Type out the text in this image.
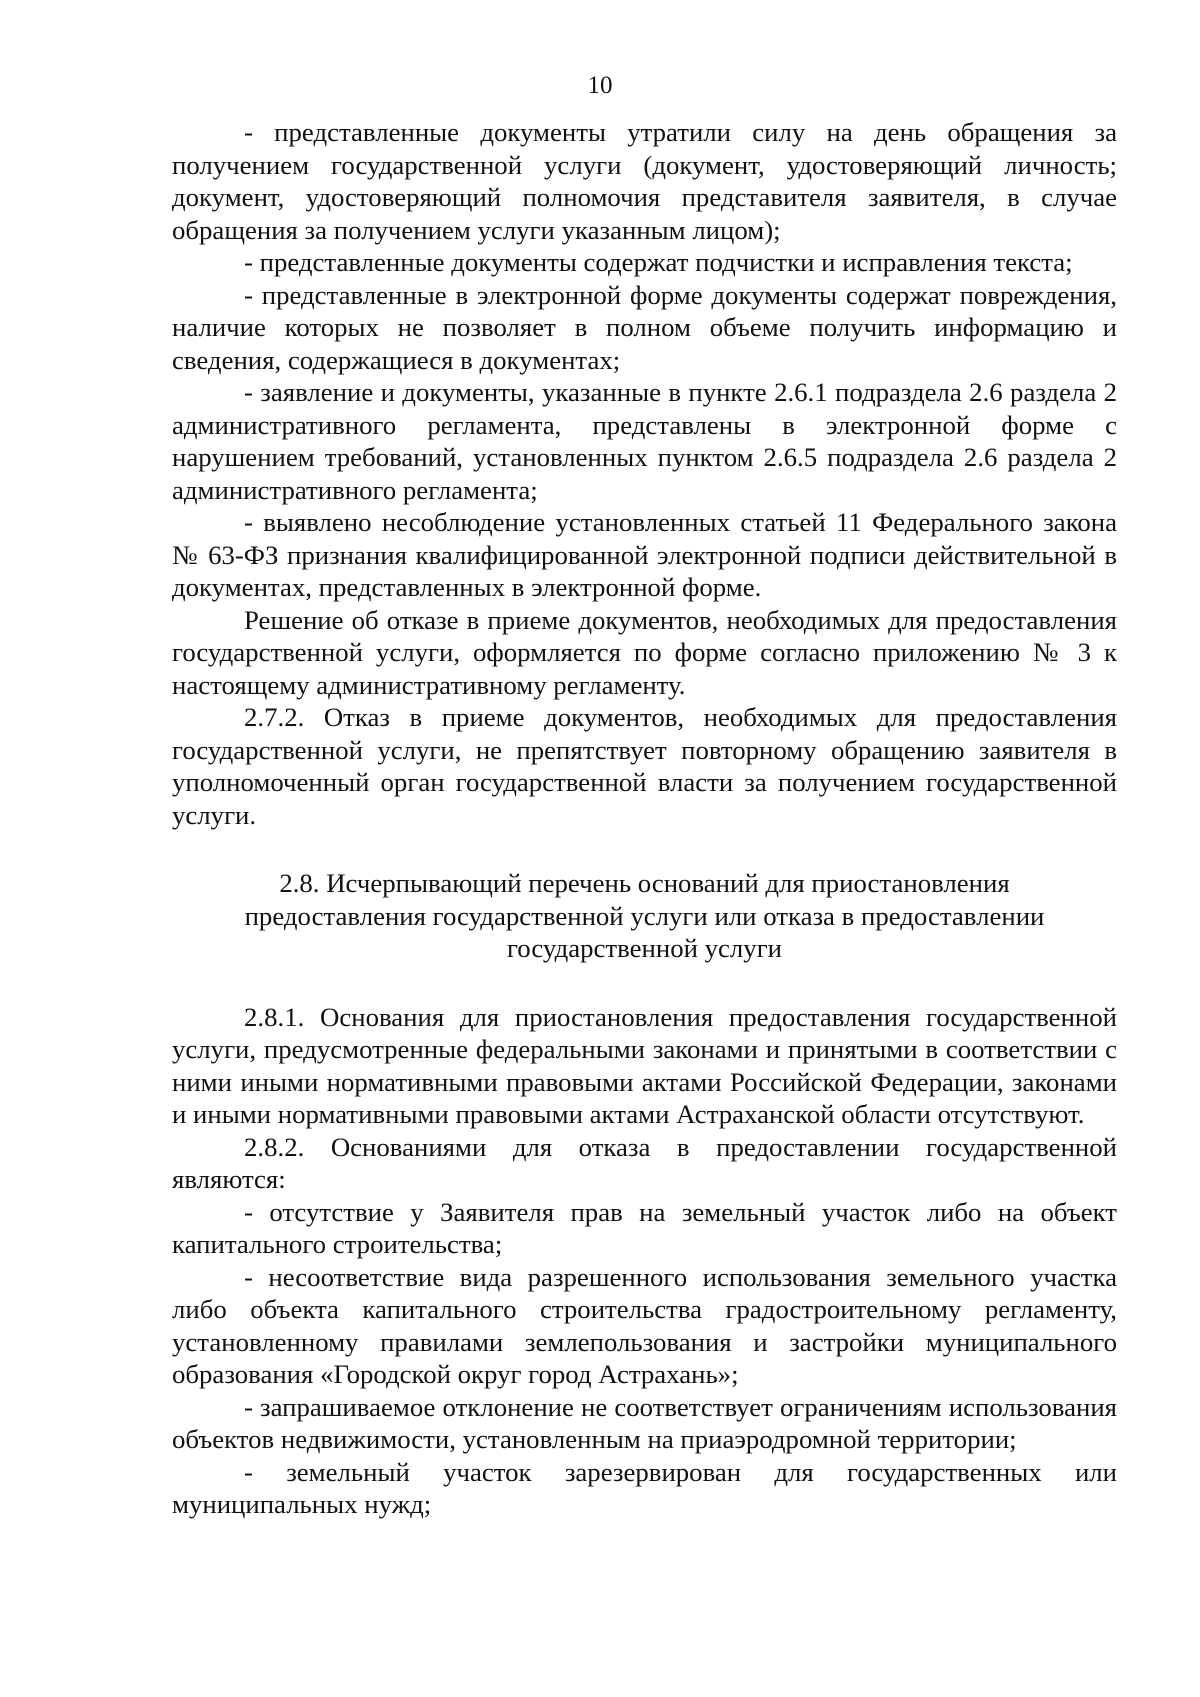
10

- представленные документы утратили силу на день обращения за получением государственной услуги (документ, удостоверяющий личность; документ, удостоверяющий полномочия представителя заявителя, в случае обращения за получением услуги указанным лицом);

- представленные документы содержат подчистки и исправления текста;

- представленные в электронной форме документы содержат повреждения, наличие которых не позволяет в полном объеме получить информацию и сведения, содержащиеся в документах;

- заявление и документы, указанные в пункте 2.6.1 подраздела 2.6 раздела 2 административного регламента, представлены в электронной форме с нарушением требований, установленных пунктом 2.6.5 подраздела 2.6 раздела 2 административного регламента;

- выявлено несоблюдение установленных статьей 11 Федерального закона № 63-ФЗ признания квалифицированной электронной подписи действительной в документах, представленных в электронной форме.

Решение об отказе в приеме документов, необходимых для предоставления государственной услуги, оформляется по форме согласно приложению № 3 к настоящему административному регламенту.

2.7.2. Отказ в приеме документов, необходимых для предоставления государственной услуги, не препятствует повторному обращению заявителя в уполномоченный орган государственной власти за получением государственной услуги.

2.8. Исчерпывающий перечень оснований для приостановления
предоставления государственной услуги или отказа в предоставлении
государственной услуги

2.8.1. Основания для приостановления предоставления государственной услуги, предусмотренные федеральными законами и принятыми в соответствии с ними иными нормативными правовыми актами Российской Федерации, законами и иными нормативными правовыми актами Астраханской области отсутствуют.

2.8.2. Основаниями для отказа в предоставлении государственной являются:

- отсутствие у Заявителя прав на земельный участок либо на объект капитального строительства;

- несоответствие вида разрешенного использования земельного участка либо объекта капитального строительства градостроительному регламенту, установленному правилами землепользования и застройки муниципального образования «Городской округ город Астрахань»;

- запрашиваемое отклонение не соответствует ограничениям использования объектов недвижимости, установленным на приаэродромной территории;

- земельный участок зарезервирован для государственных или муниципальных нужд;
